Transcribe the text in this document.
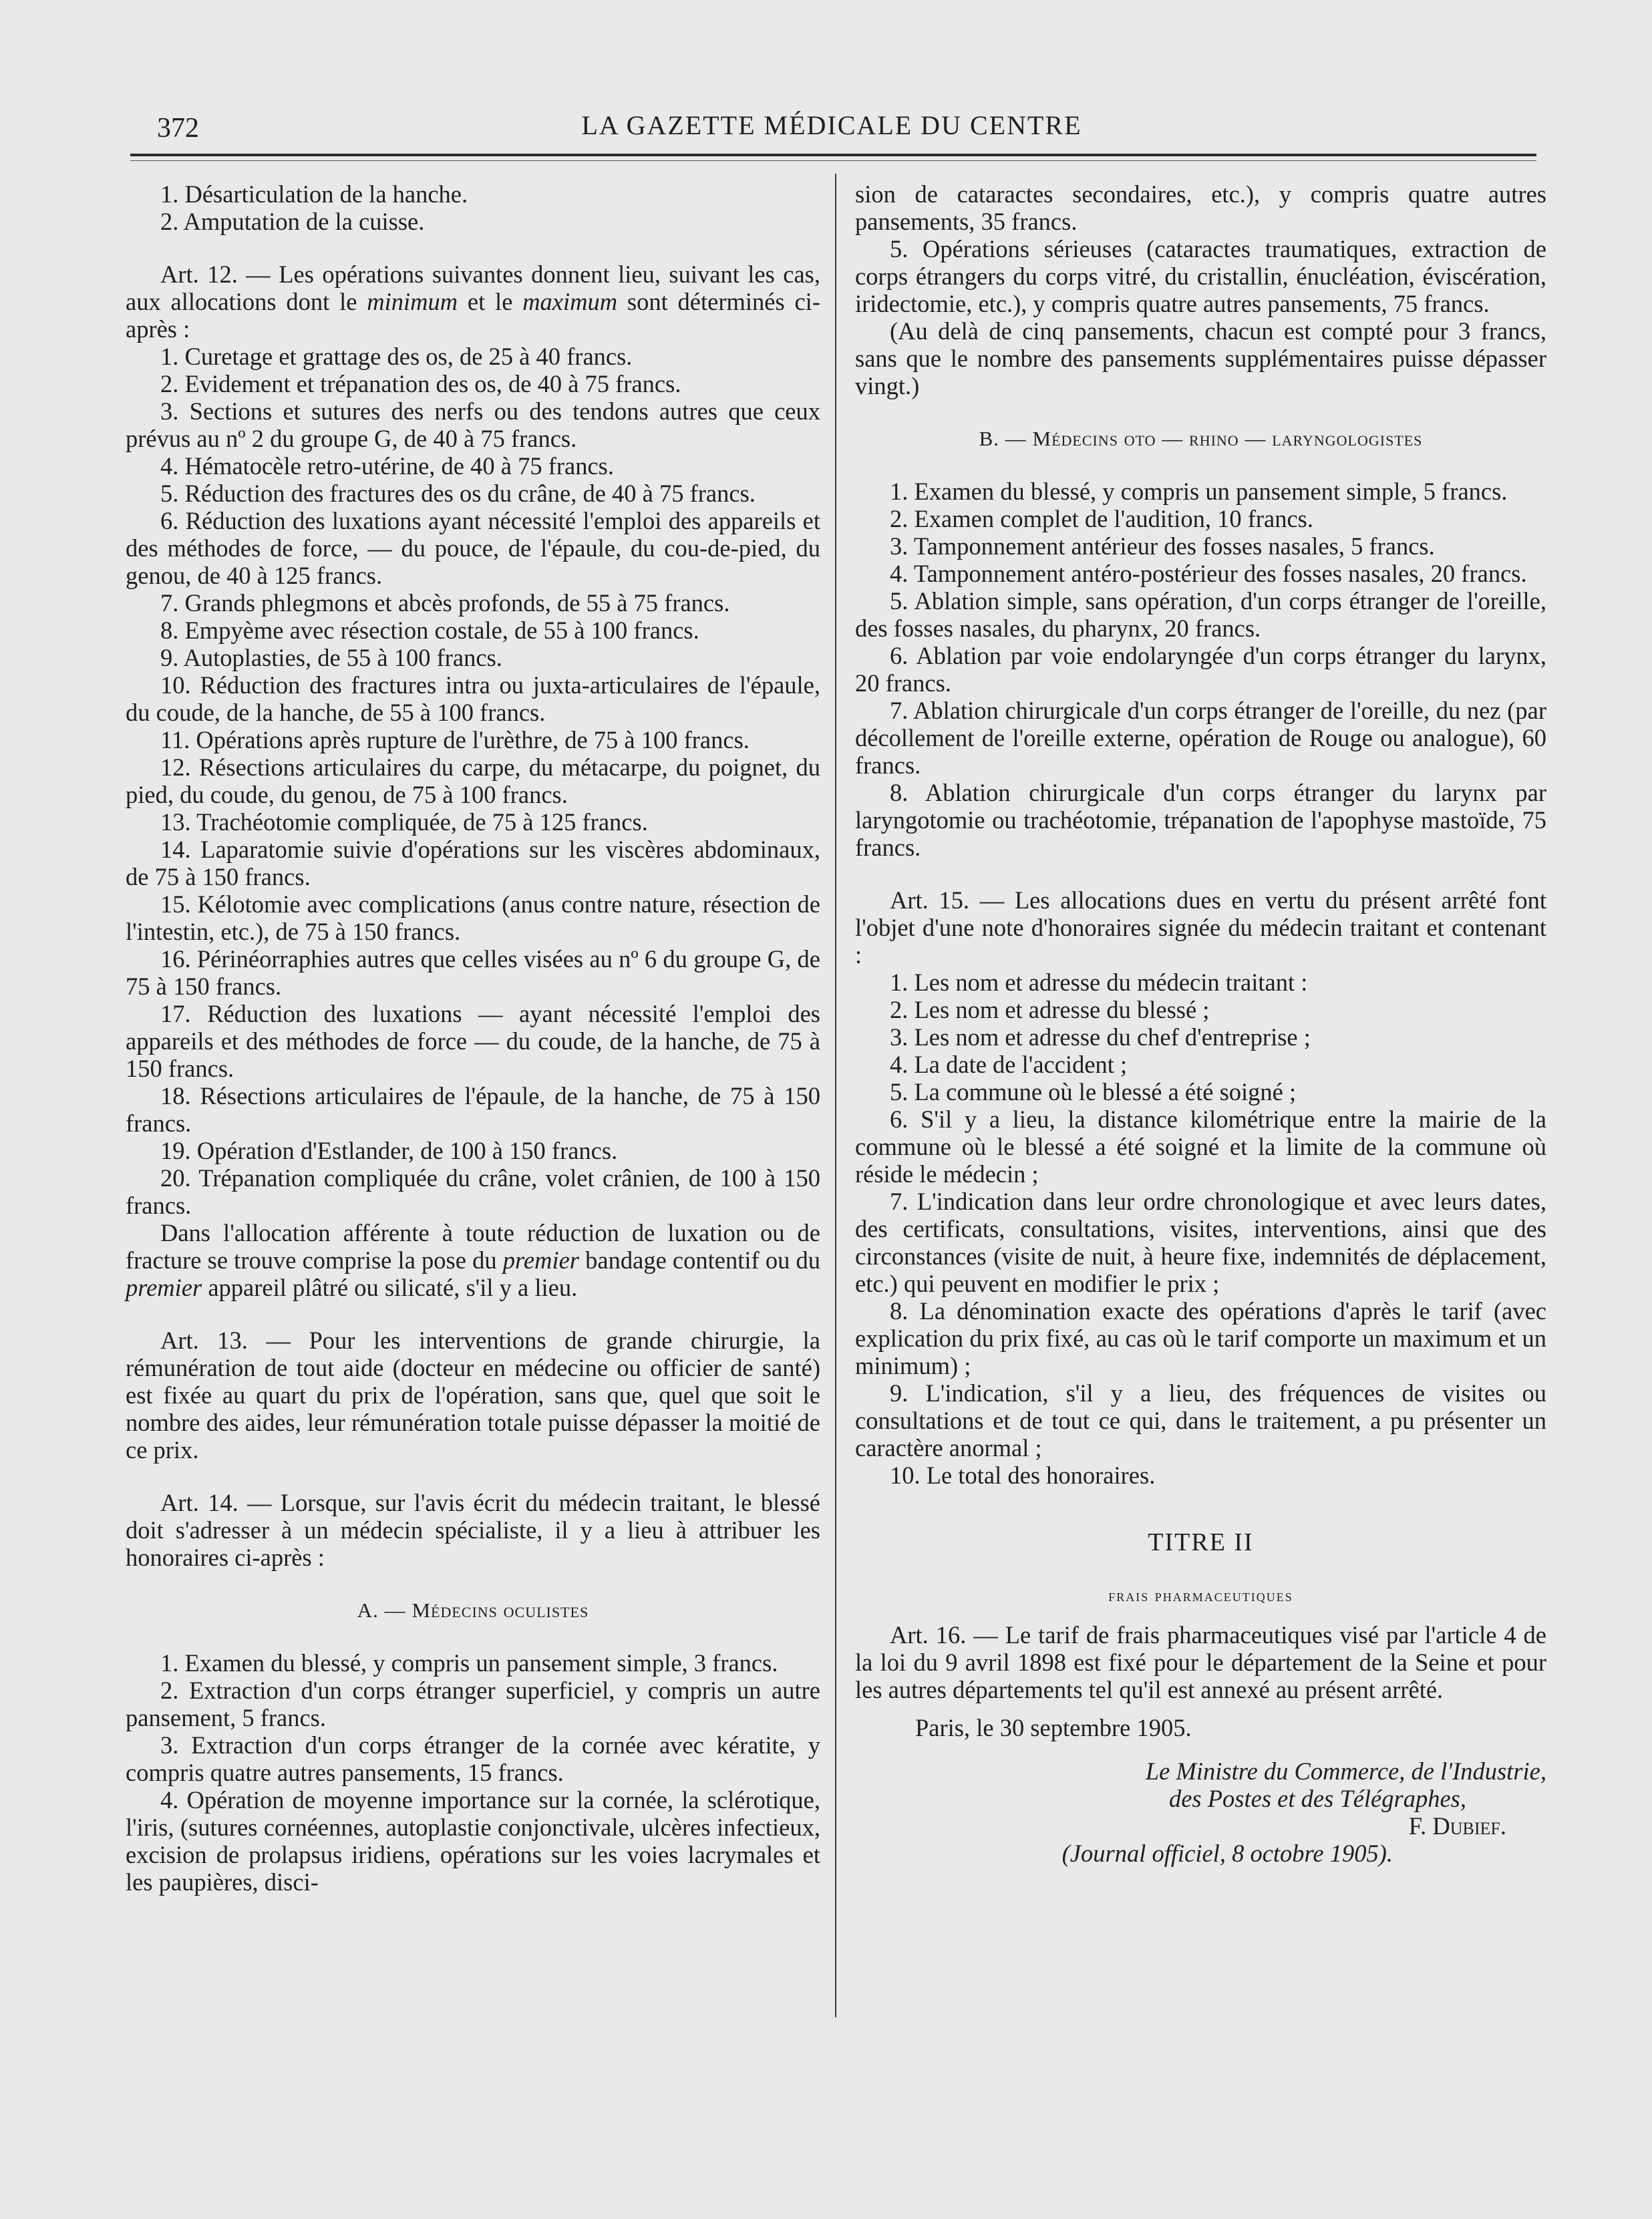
372	LA GAZETTE MÉDICALE DU CENTRE

1. Désarticulation de la hanche.

2. Amputation de la cuisse.

Art. 12. — Les opérations suivantes donnent lieu, suivant les cas, aux allocations dont le minimum et le maximum sont déterminés ci-après :

1. Curetage et grattage des os, de 25 à 40 francs.

2. Evidement et trépanation des os, de 40 à 75 francs.

3. Sections et sutures des nerfs ou des tendons autres que ceux prévus au nº 2 du groupe G, de 40 à 75 francs.

4. Hématocèle retro-utérine, de 40 à 75 francs.

5. Réduction des fractures des os du crâne, de 40 à 75 francs.

6. Réduction des luxations ayant nécessité l'emploi des appareils et des méthodes de force, — du pouce, de l'épaule, du cou-de-pied, du genou, de 40 à 125 francs.

7. Grands phlegmons et abcès profonds, de 55 à 75 francs.

8. Empyème avec résection costale, de 55 à 100 francs.

9. Autoplasties, de 55 à 100 francs.

10. Réduction des fractures intra ou juxta-articulaires de l'épaule, du coude, de la hanche, de 55 à 100 francs.

11. Opérations après rupture de l'urèthre, de 75 à 100 francs.

12. Résections articulaires du carpe, du métacarpe, du poignet, du pied, du coude, du genou, de 75 à 100 francs.

13. Trachéotomie compliquée, de 75 à 125 francs.

14. Laparatomie suivie d'opérations sur les viscères abdominaux, de 75 à 150 francs.

15. Kélotomie avec complications (anus contre nature, résection de l'intestin, etc.), de 75 à 150 francs.

16. Périnéorraphies autres que celles visées au nº 6 du groupe G, de 75 à 150 francs.

17. Réduction des luxations — ayant nécessité l'emploi des appareils et des méthodes de force — du coude, de la hanche, de 75 à 150 francs.

18. Résections articulaires de l'épaule, de la hanche, de 75 à 150 francs.

19. Opération d'Estlander, de 100 à 150 francs.

20. Trépanation compliquée du crâne, volet crânien, de 100 à 150 francs.

Dans l'allocation afférente à toute réduction de luxation ou de fracture se trouve comprise la pose du premier bandage contentif ou du premier appareil plâtré ou silicaté, s'il y a lieu.

Art. 13. — Pour les interventions de grande chirurgie, la rémunération de tout aide (docteur en médecine ou officier de santé) est fixée au quart du prix de l'opération, sans que, quel que soit le nombre des aides, leur rémunération totale puisse dépasser la moitié de ce prix.

Art. 14. — Lorsque, sur l'avis écrit du médecin traitant, le blessé doit s'adresser à un médecin spécialiste, il y a lieu à attribuer les honoraires ci-après :

A. — Médecins oculistes

1. Examen du blessé, y compris un pansement simple, 3 francs.

2. Extraction d'un corps étranger superficiel, y compris un autre pansement, 5 francs.

3. Extraction d'un corps étranger de la cornée avec kératite, y compris quatre autres pansements, 15 francs.

4. Opération de moyenne importance sur la cornée, la sclérotique, l'iris, (sutures cornéennes, autoplastie conjonctivale, ulcères infectieux, excision de prolapsus iridiens, opérations sur les voies lacrymales et les paupières, disci-

sion de cataractes secondaires, etc.), y compris quatre autres pansements, 35 francs.

5. Opérations sérieuses (cataractes traumatiques, extraction de corps étrangers du corps vitré, du cristallin, énucléation, éviscération, iridectomie, etc.), y compris quatre autres pansements, 75 francs.

(Au delà de cinq pansements, chacun est compté pour 3 francs, sans que le nombre des pansements supplémentaires puisse dépasser vingt.)

B. — Médecins oto — rhino — laryngologistes

1. Examen du blessé, y compris un pansement simple, 5 francs.

2. Examen complet de l'audition, 10 francs.

3. Tamponnement antérieur des fosses nasales, 5 francs.

4. Tamponnement antéro-postérieur des fosses nasales, 20 francs.

5. Ablation simple, sans opération, d'un corps étranger de l'oreille, des fosses nasales, du pharynx, 20 francs.

6. Ablation par voie endolaryngée d'un corps étranger du larynx, 20 francs.

7. Ablation chirurgicale d'un corps étranger de l'oreille, du nez (par décollement de l'oreille externe, opération de Rouge ou analogue), 60 francs.

8. Ablation chirurgicale d'un corps étranger du larynx par laryngotomie ou trachéotomie, trépanation de l'apophyse mastoïde, 75 francs.

Art. 15. — Les allocations dues en vertu du présent arrêté font l'objet d'une note d'honoraires signée du médecin traitant et contenant :

1. Les nom et adresse du médecin traitant :

2. Les nom et adresse du blessé ;

3. Les nom et adresse du chef d'entreprise ;

4. La date de l'accident ;

5. La commune où le blessé a été soigné ;

6. S'il y a lieu, la distance kilométrique entre la mairie de la commune où le blessé a été soigné et la limite de la commune où réside le médecin ;

7. L'indication dans leur ordre chronologique et avec leurs dates, des certificats, consultations, visites, interventions, ainsi que des circonstances (visite de nuit, à heure fixe, indemnités de déplacement, etc.) qui peuvent en modifier le prix ;

8. La dénomination exacte des opérations d'après le tarif (avec explication du prix fixé, au cas où le tarif comporte un maximum et un minimum) ;

9. L'indication, s'il y a lieu, des fréquences de visites ou consultations et de tout ce qui, dans le traitement, a pu présenter un caractère anormal ;

10. Le total des honoraires.

TITRE II

frais pharmaceutiques

Art. 16. — Le tarif de frais pharmaceutiques visé par l'article 4 de la loi du 9 avril 1898 est fixé pour le département de la Seine et pour les autres départements tel qu'il est annexé au présent arrêté.

Paris, le 30 septembre 1905.

Le Ministre du Commerce, de l'Industrie,

des Postes et des Télégraphes,

F. Dubief.

(Journal officiel, 8 octobre 1905).
